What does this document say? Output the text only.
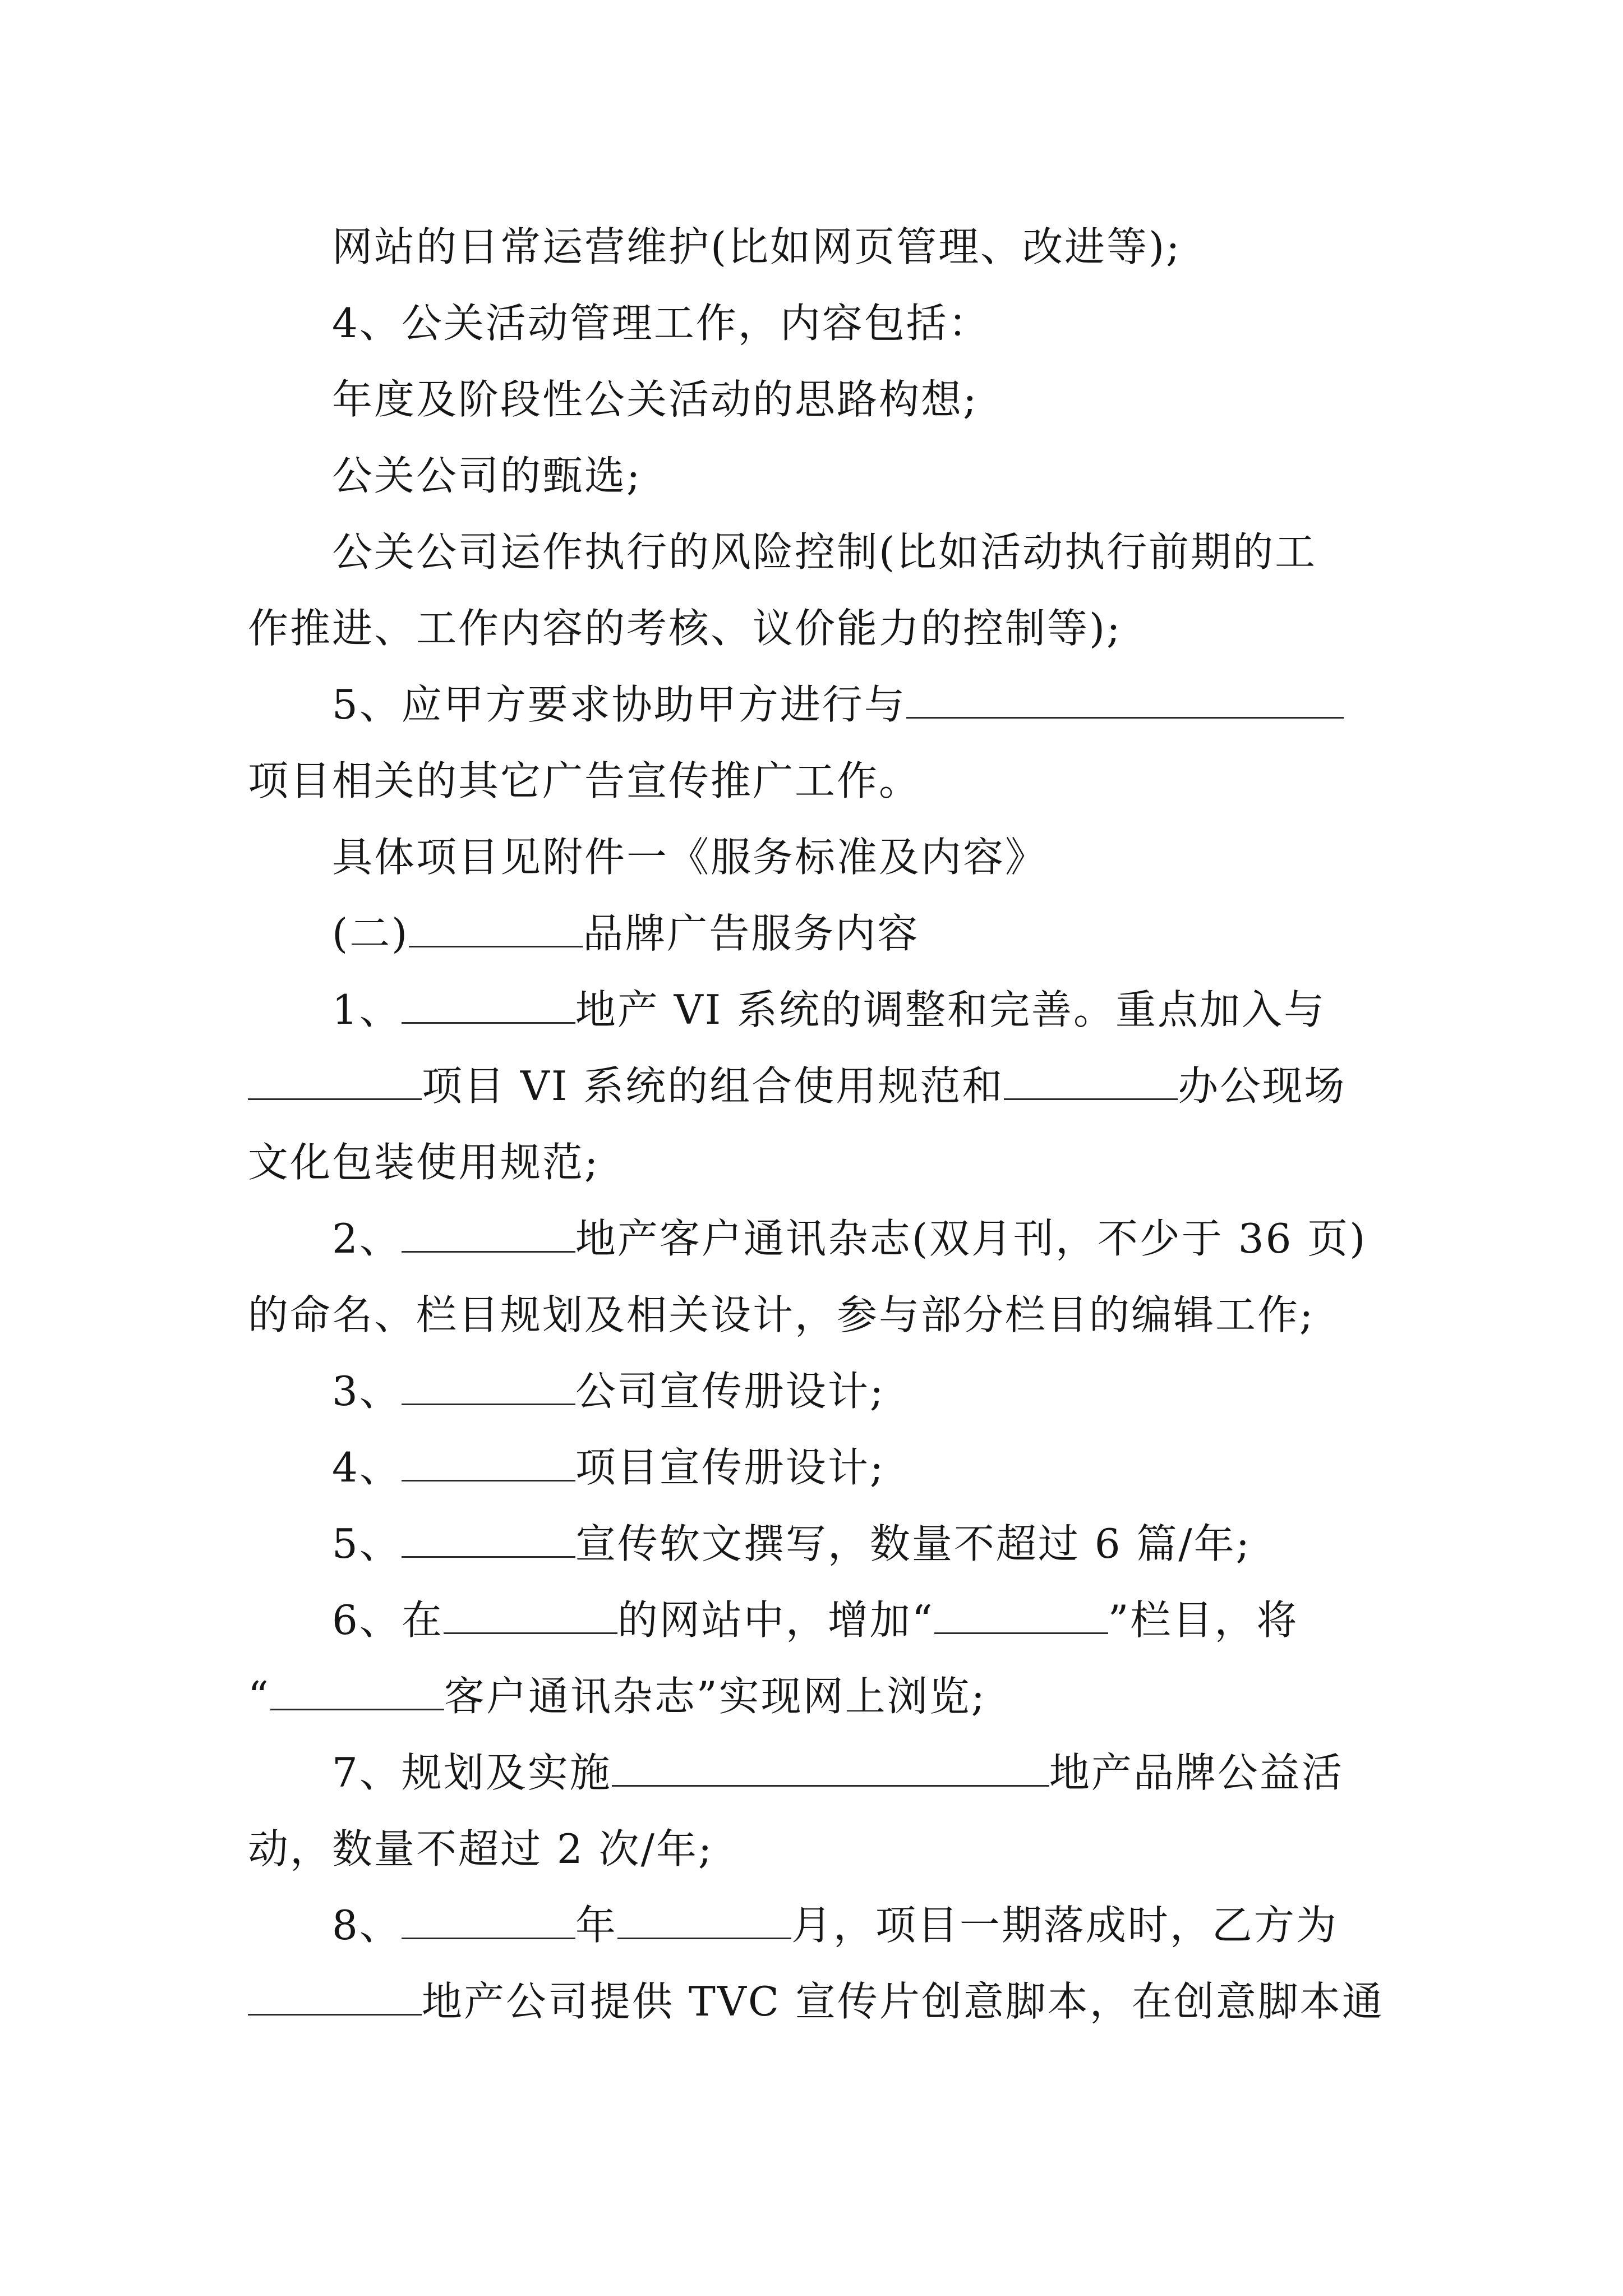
网站的日常运营维护(比如网页管理、改进等);
4、公关活动管理工作，内容包括：
年度及阶段性公关活动的思路构想;
公关公司的甄选;
公关公司运作执行的风险控制(比如活动执行前期的工
作推进、工作内容的考核、议价能力的控制等);
5、应甲方要求协助甲方进行与
项目相关的其它广告宣传推广工作。
具体项目见附件一《服务标准及内容》
(二)	品牌广告服务内容
1、	地产 VI 系统的调整和完善。重点加入与
项目 VI 系统的组合使用规范和	办公现场
文化包装使用规范;
2、	地产客户通讯杂志(双月刊，不少于 36 页)
的命名、栏目规划及相关设计，参与部分栏目的编辑工作;
3、	公司宣传册设计;
4、	项目宣传册设计;
5、	宣传软文撰写，数量不超过 6 篇/年;
6、在	的网站中，增加“	”栏目，将
“	客户通讯杂志”实现网上浏览;
7、规划及实施	地产品牌公益活
动，数量不超过 2 次/年;
8、	年	月，项目一期落成时，乙方为
地产公司提供 TVC 宣传片创意脚本，在创意脚本通
